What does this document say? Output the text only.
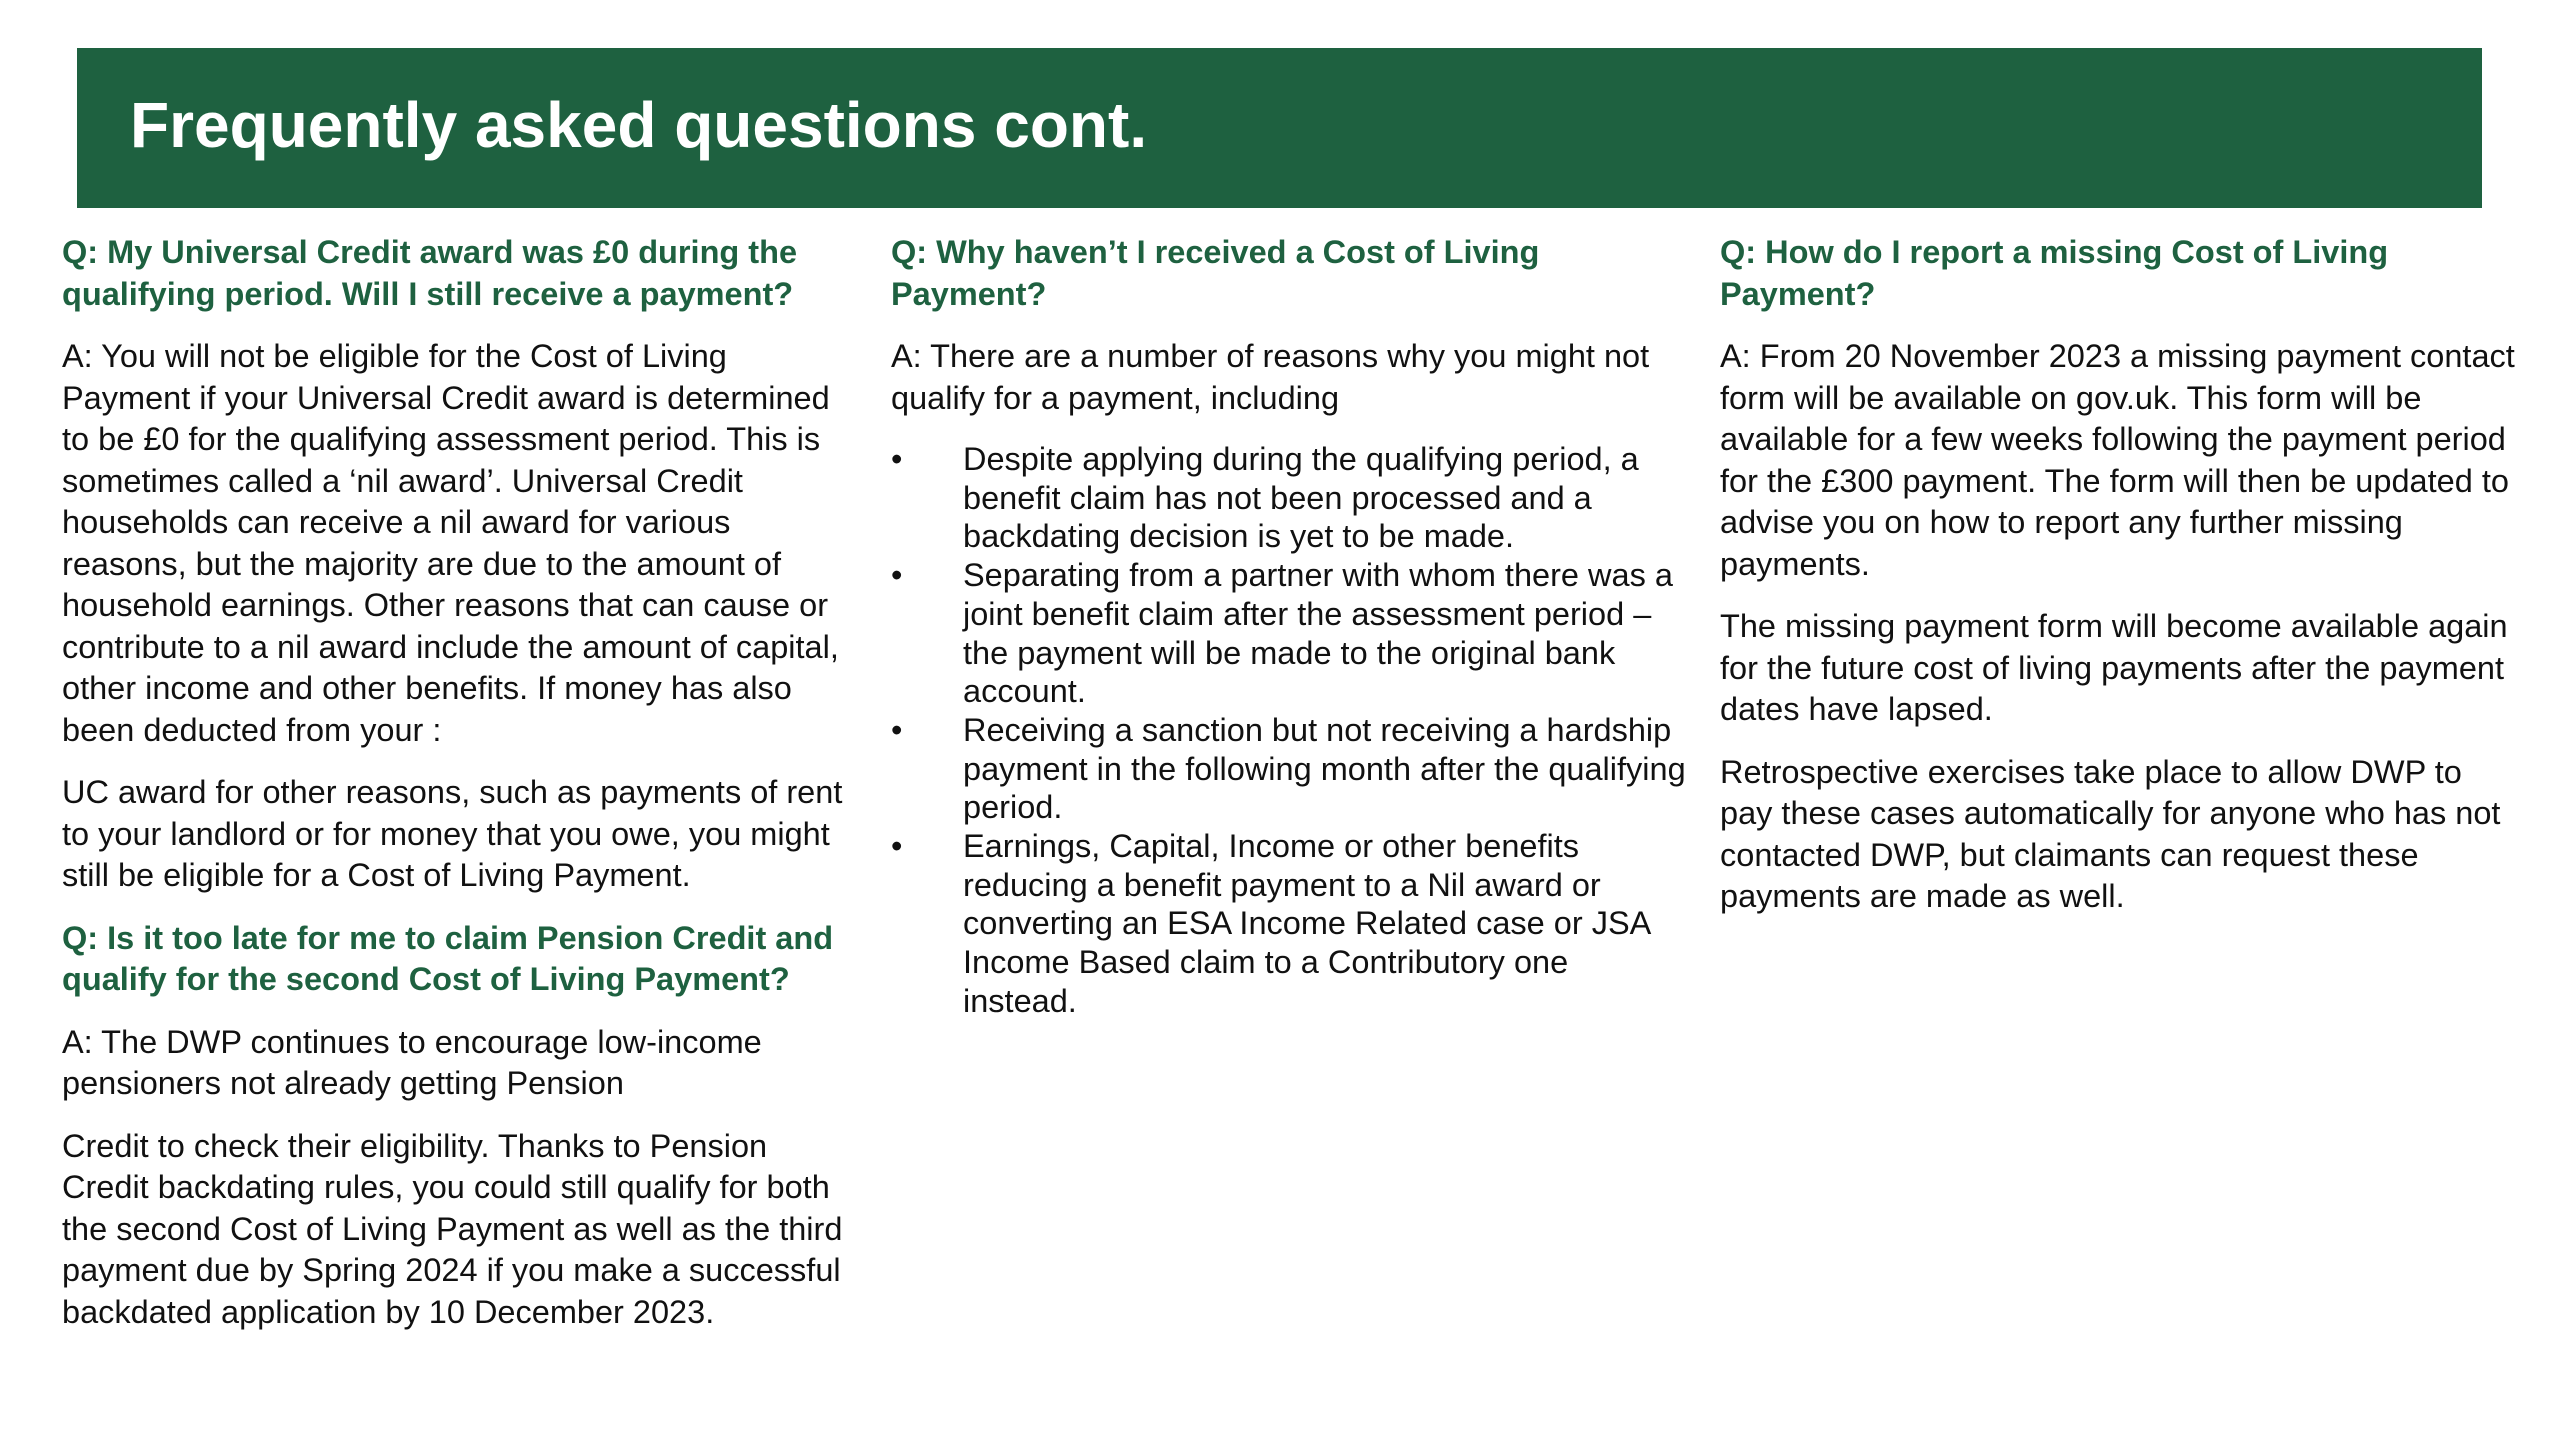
Frequently asked questions cont.

Q: My Universal Credit award was £0 during the qualifying period. Will I still receive a payment?

A: You will not be eligible for the Cost of Living Payment if your Universal Credit award is determined to be £0 for the qualifying assessment period. This is sometimes called a ‘nil award’. Universal Credit households can receive a nil award for various reasons, but the majority are due to the amount of household earnings. Other reasons that can cause or contribute to a nil award include the amount of capital, other income and other benefits. If money has also been deducted from your :

UC award for other reasons, such as payments of rent to your landlord or for money that you owe, you might still be eligible for a Cost of Living Payment.

Q: Is it too late for me to claim Pension Credit and qualify for the second Cost of Living Payment?

A: The DWP continues to encourage low-income pensioners not already getting Pension

Credit to check their eligibility. Thanks to Pension Credit backdating rules, you could still qualify for both the second Cost of Living Payment as well as the third payment due by Spring 2024 if you make a successful backdated application by 10 December 2023.

Q: Why haven’t I received a Cost of Living Payment?

A: There are a number of reasons why you might not qualify for a payment, including

• Despite applying during the qualifying period, a benefit claim has not been processed and a backdating decision is yet to be made.
• Separating from a partner with whom there was a joint benefit claim after the assessment period – the payment will be made to the original bank account.
• Receiving a sanction but not receiving a hardship payment in the following month after the qualifying period.
• Earnings, Capital, Income or other benefits reducing a benefit payment to a Nil award or converting an ESA Income Related case or JSA Income Based claim to a Contributory one instead.

Q: How do I report a missing Cost of Living Payment?

A: From 20 November 2023 a missing payment contact form will be available on gov.uk. This form will be available for a few weeks following the payment period for the £300 payment. The form will then be updated to advise you on how to report any further missing payments.

The missing payment form will become available again for the future cost of living payments after the payment dates have lapsed.

Retrospective exercises take place to allow DWP to pay these cases automatically for anyone who has not contacted DWP, but claimants can request these payments are made as well.
